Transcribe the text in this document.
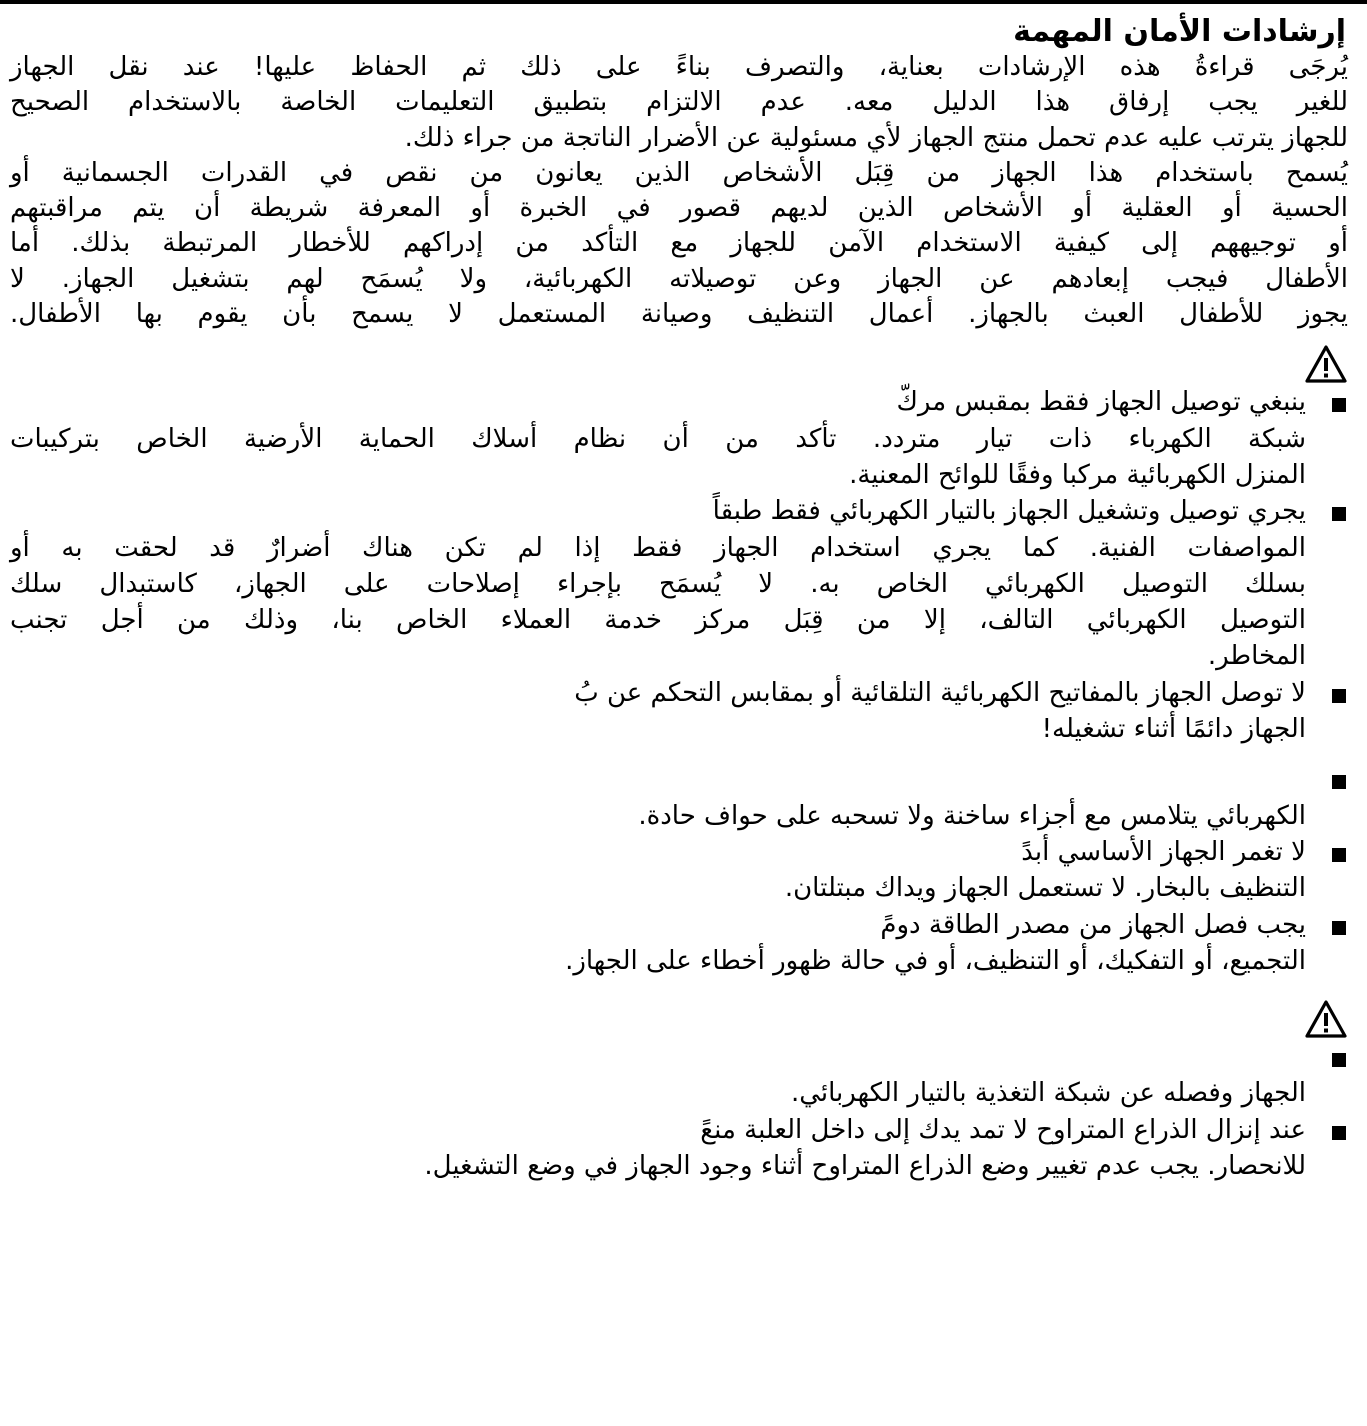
إرشادات الأمان المهمة
يُرجَى قراءةُ هذه الإرشادات بعناية، والتصرف بناءً على ذلك ثم الحفاظ عليها! عند نقل الجهاز
للغير يجب إرفاق هذا الدليل معه. عدم الالتزام بتطبيق التعليمات الخاصة بالاستخدام الصحيح
للجهاز يترتب عليه عدم تحمل منتج الجهاز لأي مسئولية عن الأضرار الناتجة من جراء ذلك.
يُسمح باستخدام هذا الجهاز من قِبَل الأشخاص الذين يعانون من نقص في القدرات الجسمانية أو
الحسية أو العقلية أو الأشخاص الذين لديهم قصور في الخبرة أو المعرفة شريطة أن يتم مراقبتهم
أو توجيههم إلى كيفية الاستخدام الآمن للجهاز مع التأكد من إدراكهم للأخطار المرتبطة بذلك. أما
الأطفال فيجب إبعادهم عن الجهاز وعن توصيلاته الكهربائية، ولا يُسمَح لهم بتشغيل الجهاز. لا
يجوز للأطفال العبث بالجهاز. أعمال التنظيف وصيانة المستعمل لا يسمح بأن يقوم بها الأطفال.
ينبغي توصيل الجهاز فقط بمقبس مركّ
شبكة الكهرباء ذات تيار متردد. تأكد من أن نظام أسلاك الحماية الأرضية الخاص بتركيبات
المنزل الكهربائية مركبا وفقًا للوائح المعنية.
يجري توصيل وتشغيل الجهاز بالتيار الكهربائي فقط طبقاً
المواصفات الفنية. كما يجري استخدام الجهاز فقط إذا لم تكن هناك أضرارٌ قد لحقت به أو
بسلك التوصيل الكهربائي الخاص به. لا يُسمَح بإجراء إصلاحات على الجهاز، كاستبدال سلك
التوصيل الكهربائي التالف، إلا من قِبَل مركز خدمة العملاء الخاص بنا، وذلك من أجل تجنب
المخاطر.
لا توصل الجهاز بالمفاتيح الكهربائية التلقائية أو بمقابس التحكم عن بُ
الجهاز دائمًا أثناء تشغيله!
الكهربائي يتلامس مع أجزاء ساخنة ولا تسحبه على حواف حادة.
لا تغمر الجهاز الأساسي أبدً
التنظيف بالبخار. لا تستعمل الجهاز ويداك مبتلتان.
يجب فصل الجهاز من مصدر الطاقة دومً
التجميع، أو التفكيك، أو التنظيف، أو في حالة ظهور أخطاء على الجهاز.
الجهاز وفصله عن شبكة التغذية بالتيار الكهربائي.
عند إنزال الذراع المتراوح لا تمد يدك إلى داخل العلبة منعً
للانحصار. يجب عدم تغيير وضع الذراع المتراوح أثناء وجود الجهاز في وضع التشغيل.
